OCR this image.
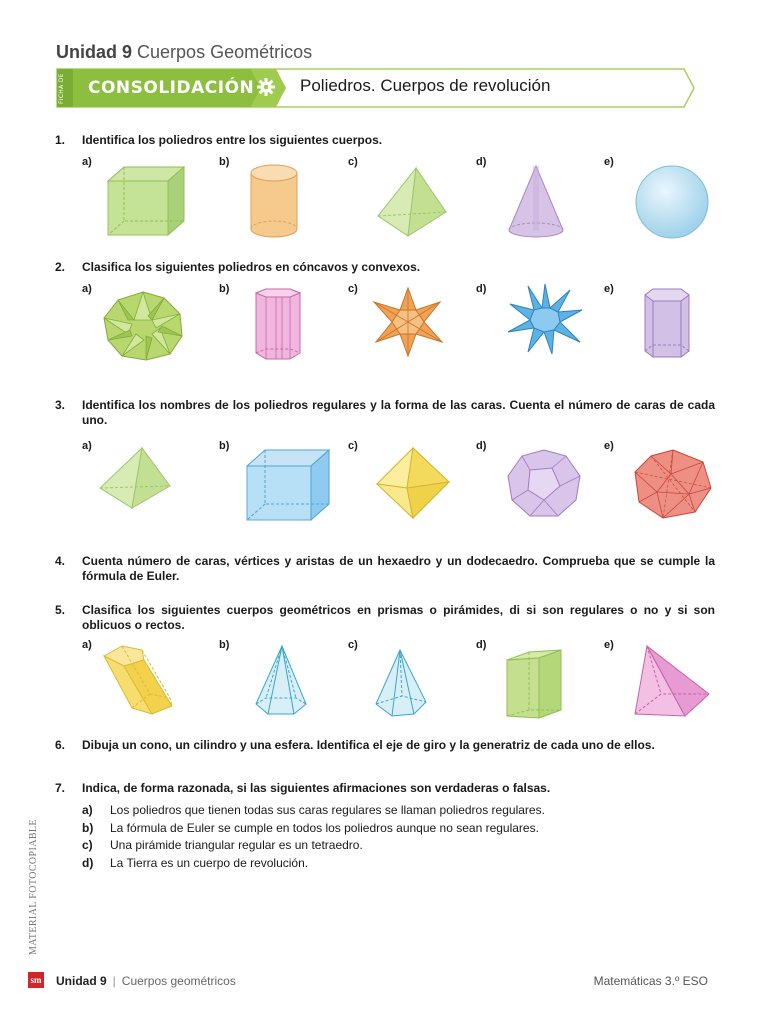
Unidad 9 Cuerpos Geométricos
FICHA DE CONSOLIDACIÓN	Poliedros. Cuerpos de revolución
1. Identifica los poliedros entre los siguientes cuerpos.
a)	b)	c)	d)	e)
2. Clasifica los siguientes poliedros en cóncavos y convexos.
a)	b)	c)	d)	e)
3. Identifica los nombres de los poliedros regulares y la forma de las caras. Cuenta el número de caras de cada uno.
a)	b)	c)	d)	e)
4. Cuenta número de caras, vértices y aristas de un hexaedro y un dodecaedro. Comprueba que se cumple la fórmula de Euler.
5. Clasifica los siguientes cuerpos geométricos en prismas o pirámides, di si son regulares o no y si son oblicuos o rectos.
a)	b)	c)	d)	e)
6. Dibuja un cono, un cilindro y una esfera. Identifica el eje de giro y la generatriz de cada uno de ellos.
7. Indica, de forma razonada, si las siguientes afirmaciones son verdaderas o falsas.
a) Los poliedros que tienen todas sus caras regulares se llaman poliedros regulares.
b) La fórmula de Euler se cumple en todos los poliedros aunque no sean regulares.
c) Una pirámide triangular regular es un tetraedro.
d) La Tierra es un cuerpo de revolución.
MATERIAL FOTOCOPIABLE
sm Unidad 9 | Cuerpos geométricos	Matemáticas 3.º ESO
